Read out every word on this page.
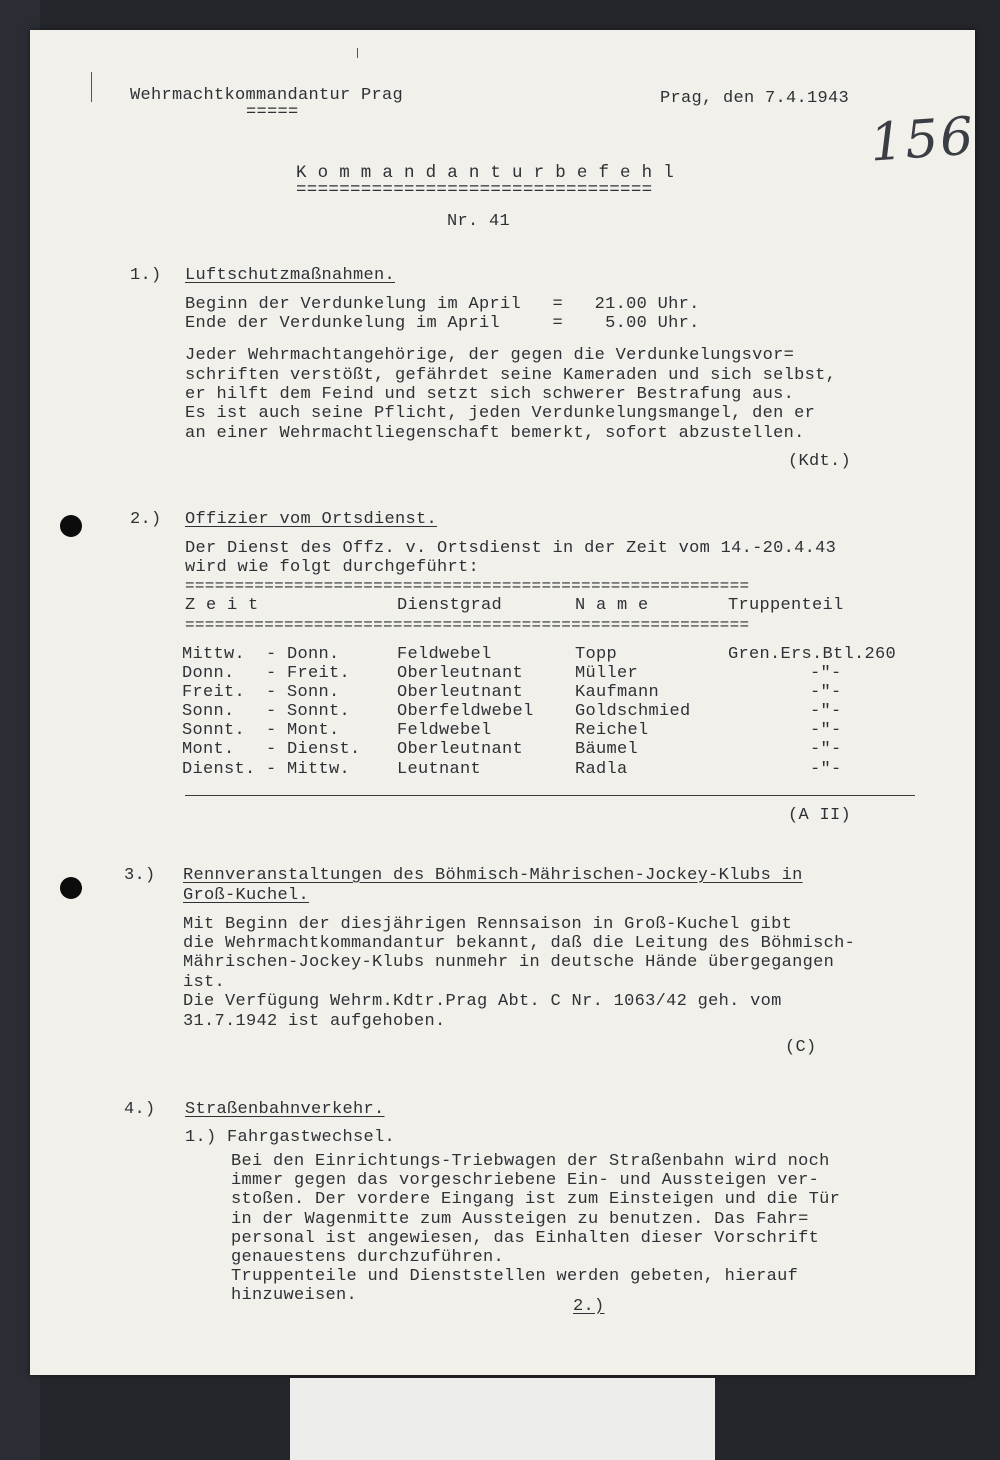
Wehrmachtkommandantur Prag
=====
Prag, den 7.4.1943
156
K o m m a n d a n t u r b e f e h l
=================================
Nr. 41
1.) Luftschutzmaßnahmen.
Beginn der Verdunkelung im April   =   21.00 Uhr.
Ende der Verdunkelung im April     =    5.00 Uhr.
Jeder Wehrmachtangehörige, der gegen die Verdunkelungsvor=
schriften verstößt, gefährdet seine Kameraden und sich selbst,
er hilft dem Feind und setzt sich schwerer Bestrafung aus.
Es ist auch seine Pflicht, jeden Verdunkelungsmangel, den er
an einer Wehrmachtliegenschaft bemerkt, sofort abzustellen.
(Kdt.)
2.) Offizier vom Ortsdienst.
Der Dienst des Offz. v. Ortsdienst in der Zeit vom 14.-20.4.43
wird wie folgt durchgeführt:
=========================================================
Z e i t	Dienstgrad	N a m e	Truppenteil
=========================================================
Mittw.  - Donn.	Feldwebel	Topp	Gren.Ers.Btl.260
Donn.   - Freit.	Oberleutnant	Müller	-"-
Freit.  - Sonn.	Oberleutnant	Kaufmann	-"-
Sonn.   - Sonnt.	Oberfeldwebel Goldschmied	-"-
Sonnt.  - Mont.	Feldwebel	Reichel	-"-
Mont.   - Dienst. Oberleutnant	Bäumel	-"-
Dienst. - Mittw.	Leutnant	Radla	-"-
(A II)
3.) Rennveranstaltungen des Böhmisch-Mährischen-Jockey-Klubs in
Groß-Kuchel.
Mit Beginn der diesjährigen Rennsaison in Groß-Kuchel gibt
die Wehrmachtkommandantur bekannt, daß die Leitung des Böhmisch-
Mährischen-Jockey-Klubs nunmehr in deutsche Hände übergegangen
ist.
Die Verfügung Wehrm.Kdtr.Prag Abt. C Nr. 1063/42 geh. vom
31.7.1942 ist aufgehoben.
(C)
4.) Straßenbahnverkehr.
1.) Fahrgastwechsel.
Bei den Einrichtungs-Triebwagen der Straßenbahn wird noch
immer gegen das vorgeschriebene Ein- und Aussteigen ver-
stoßen. Der vordere Eingang ist zum Einsteigen und die Tür
in der Wagenmitte zum Aussteigen zu benutzen. Das Fahr=
personal ist angewiesen, das Einhalten dieser Vorschrift
genauestens durchzuführen.
Truppenteile und Dienststellen werden gebeten, hierauf
hinzuweisen.
2.)
